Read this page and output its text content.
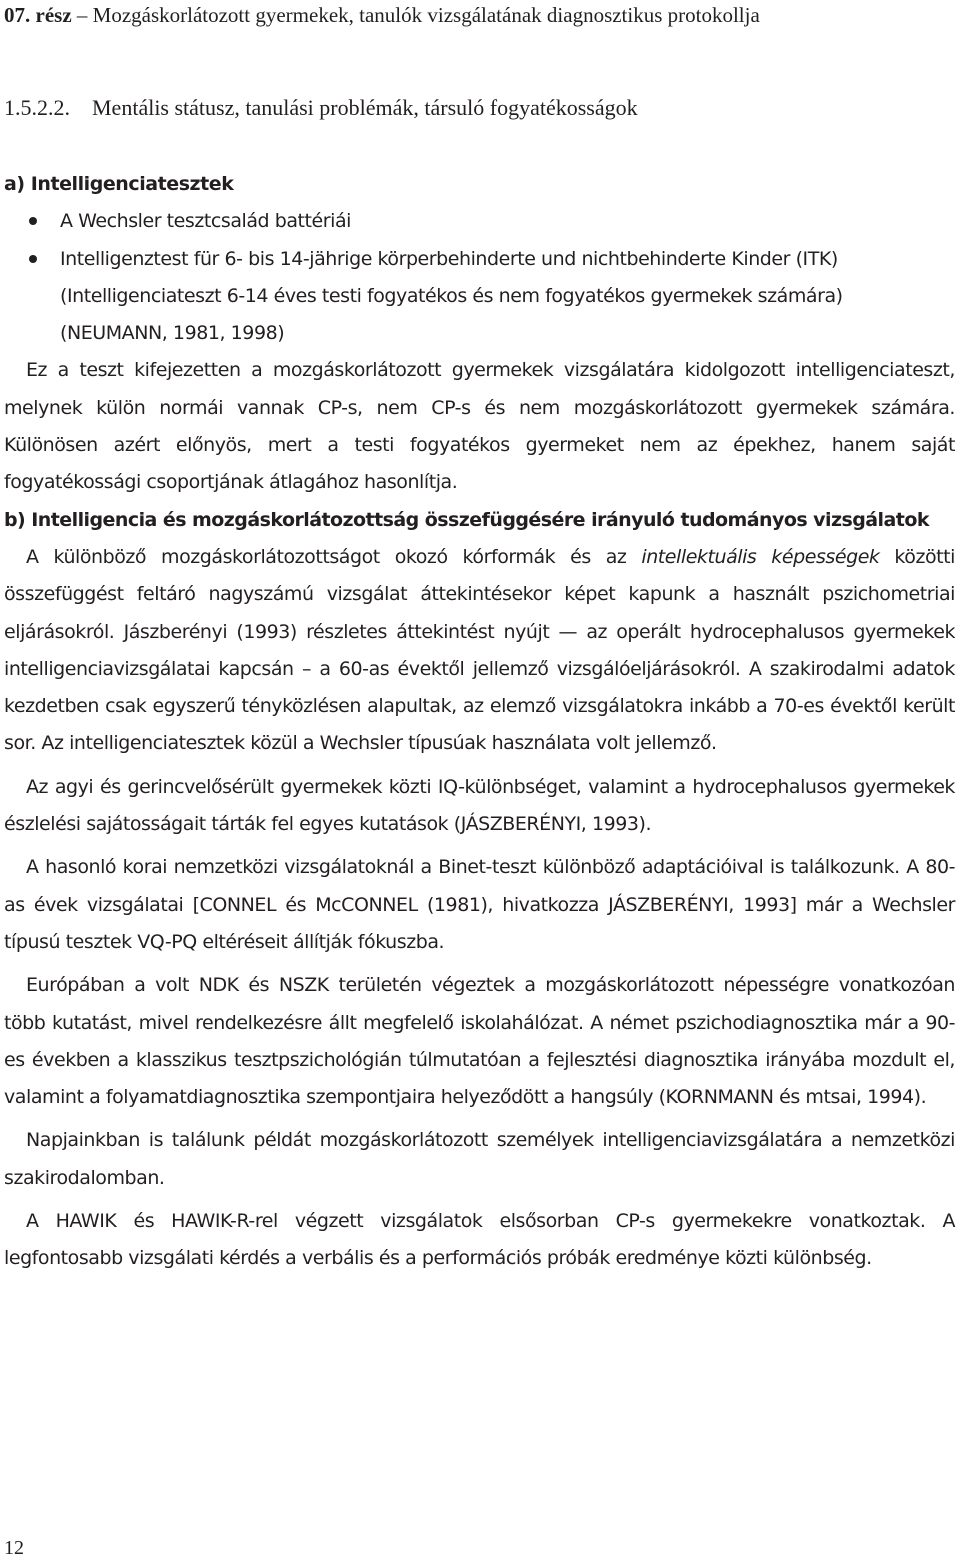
07. rész – Mozgáskorlátozott gyermekek, tanulók vizsgálatának diagnosztikus protokollja
1.5.2.2. Mentális státusz, tanulási problémák, társuló fogyatékosságok
a) Intelligenciatesztek
A Wechsler tesztcsalád battériái
Intelligenztest für 6- bis 14-jährige körperbehinderte und nichtbehinderte Kinder (ITK) (Intelligenciateszt 6-14 éves testi fogyatékos és nem fogyatékos gyermekek számára) (NEUMANN, 1981, 1998)

Ez a teszt kifejezetten a mozgáskorlátozott gyermekek vizsgálatára kidolgozott intelligenciateszt, melynek külön normái vannak CP-s, nem CP-s és nem mozgáskorlátozott gyermekek számára. Különösen azért előnyös, mert a testi fogyatékos gyermeket nem az épekhez, hanem saját fogyatékossági csoportjának átlagához hasonlítja.

b) Intelligencia és mozgáskorlátozottság összefüggésére irányuló tudományos vizsgálatok

A különböző mozgáskorlátozottságot okozó kórformák és az intellektuális képességek közötti összefüggést feltáró nagyszámú vizsgálat áttekintésekor képet kapunk a használt pszichometriai eljárásokról. Jászberényi (1993) részletes áttekintést nyújt — az operált hydrocephalusos gyermekek intelligenciavizsgálatai kapcsán – a 60-as évektől jellemző vizsgálóeljárásokról. A szakirodalmi adatok kezdetben csak egyszerű tényközlésen alapultak, az elemző vizsgálatokra inkább a 70-es évektől került sor. Az intelligenciatesztek közül a Wechsler típusúak használata volt jellemző.

Az agyi és gerincvelősérült gyermekek közti IQ-különbséget, valamint a hydrocephalusos gyermekek észlelési sajátosságait tárták fel egyes kutatások (JÁSZBERÉNYI, 1993).

A hasonló korai nemzetközi vizsgálatoknál a Binet-teszt különböző adaptációival is találkozunk. A 80-as évek vizsgálatai [CONNEL és McCONNEL (1981), hivatkozza JÁSZBERÉNYI, 1993] már a Wechsler típusú tesztek VQ-PQ eltéréseit állítják fókuszba.

Európában a volt NDK és NSZK területén végeztek a mozgáskorlátozott népességre vonatkozóan több kutatást, mivel rendelkezésre állt megfelelő iskolahálózat. A német pszichodiagnosztika már a 90-es években a klasszikus tesztpszichológián túlmutatóan a fejlesztési diagnosztika irányába mozdult el, valamint a folyamatdiagnosztika szempontjaira helyeződött a hangsúly (KORNMANN és mtsai, 1994).

Napjainkban is találunk példát mozgáskorlátozott személyek intelligenciavizsgálatára a nemzetközi szakirodalomban.

A HAWIK és HAWIK-R-rel végzett vizsgálatok elsősorban CP-s gyermekekre vonatkoztak. A legfontosabb vizsgálati kérdés a verbális és a performációs próbák eredménye közti különbség.

12
